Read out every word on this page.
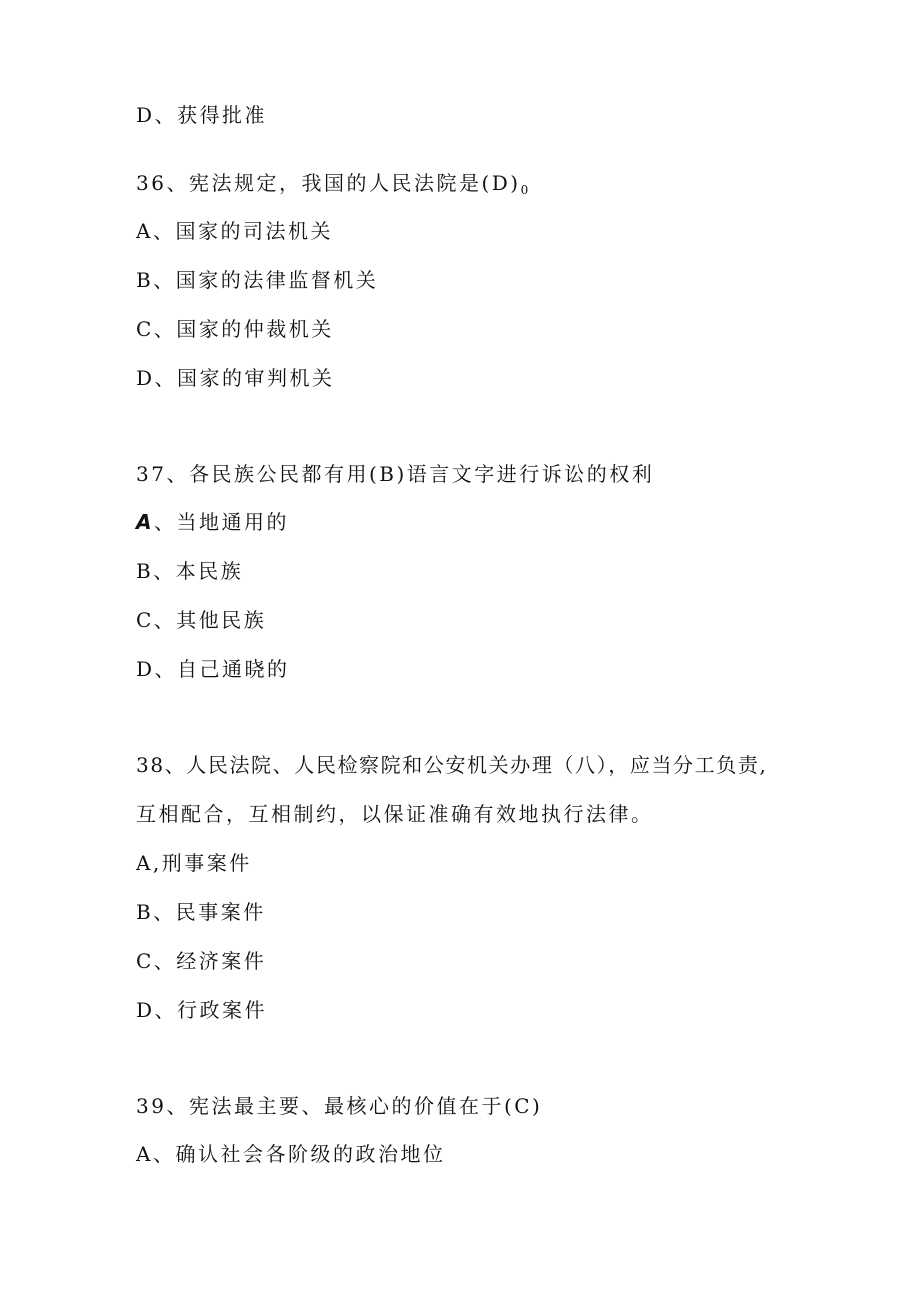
D、获得批准
36、宪法规定，我国的人民法院是$(D)_0$
A、国家的司法机关
B、国家的法律监督机关
C、国家的仲裁机关
D、国家的审判机关
37、各民族公民都有用(B)语言文字进行诉讼的权利
A、当地通用的
B、本民族
C、其他民族
D、自己通晓的
38、人民法院、人民检察院和公安机关办理（八），应当分工负责,
互相配合，互相制约，以保证准确有效地执行法律。
A,刑事案件
B、民事案件
C、经济案件
D、行政案件
39、宪法最主要、最核心的价值在于(C)
A、确认社会各阶级的政治地位
